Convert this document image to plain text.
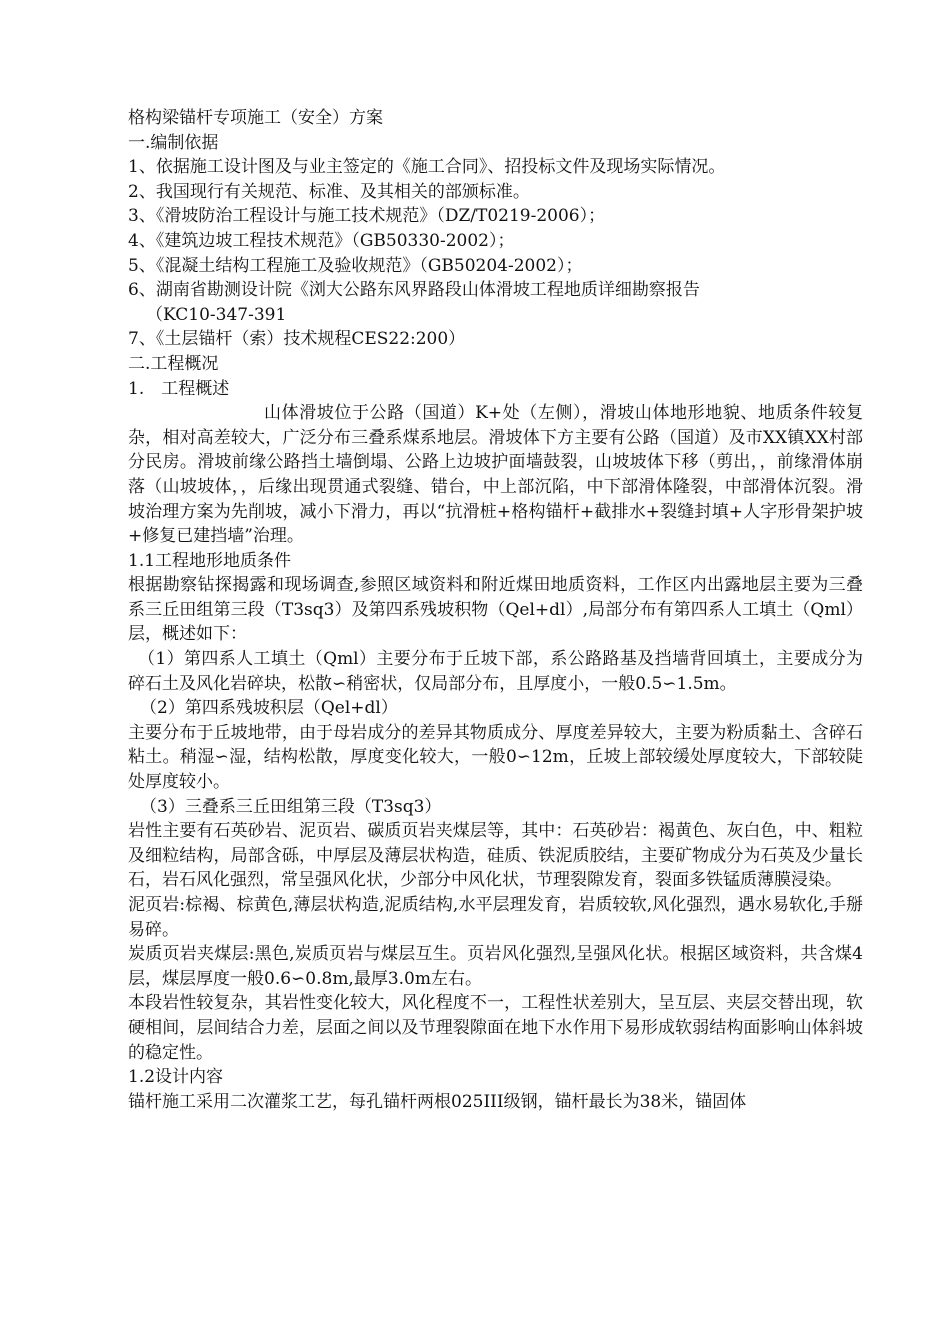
格构梁锚杆专项施工（安全）方案

一.编制依据

1、依据施工设计图及与业主签定的《施工合同》、招投标文件及现场实际情况。

2、我国现行有关规范、标准、及其相关的部颁标准。

3、《滑坡防治工程设计与施工技术规范》（DZ/T0219-2006）；

4、《建筑边坡工程技术规范》（GB50330-2002）；

5、《混凝土结构工程施工及验收规范》（GB50204-2002）；

6、湖南省勘测设计院《浏大公路东风界路段山体滑坡工程地质详细勘察报告

（KC10-347-391

7、《土层锚杆（索）技术规程CES22:200）

二.工程概况

1.　工程概述

山体滑坡位于公路（国道）K+处（左侧），滑坡山体地形地貌、地质条件较复杂，相对高差较大，广泛分布三叠系煤系地层。滑坡体下方主要有公路（国道）及市XX镇XX村部分民房。滑坡前缘公路挡土墙倒塌、公路上边坡护面墙鼓裂，山坡坡体下移（剪出，，前缘滑体崩落（山坡坡体，，后缘出现贯通式裂缝、错台，中上部沉陷，中下部滑体隆裂，中部滑体沉裂。滑坡治理方案为先削坡，减小下滑力，再以“抗滑桩+格构锚杆+截排水+裂缝封填+人字形骨架护坡+修复已建挡墙”治理。

1.1工程地形地质条件

根据勘察钻探揭露和现场调查,参照区域资料和附近煤田地质资料，工作区内出露地层主要为三叠系三丘田组第三段（T3sq3）及第四系残坡积物（Qel+dl）,局部分布有第四系人工填土（Qml）层，概述如下：

（1）第四系人工填土（Qml）主要分布于丘坡下部，系公路路基及挡墙背回填土，主要成分为碎石土及风化岩碎块，松散∽稍密状，仅局部分布，且厚度小，一般0.5∽1.5m。

（2）第四系残坡积层（Qel+dl）

主要分布于丘坡地带，由于母岩成分的差异其物质成分、厚度差异较大，主要为粉质黏土、含碎石粘土。稍湿∽湿，结构松散，厚度变化较大，一般0∽12m，丘坡上部较缓处厚度较大，下部较陡处厚度较小。

（3）三叠系三丘田组第三段（T3sq3）

岩性主要有石英砂岩、泥页岩、碳质页岩夹煤层等，其中：石英砂岩：褐黄色、灰白色，中、粗粒及细粒结构，局部含砾，中厚层及薄层状构造，硅质、铁泥质胶结，主要矿物成分为石英及少量长石，岩石风化强烈，常呈强风化状，少部分中风化状，节理裂隙发育，裂面多铁锰质薄膜浸染。

泥页岩:棕褐、棕黄色,薄层状构造,泥质结构,水平层理发育，岩质较软,风化强烈，遇水易软化,手掰易碎。

炭质页岩夹煤层:黑色,炭质页岩与煤层互生。页岩风化强烈,呈强风化状。根据区域资料，共含煤4层，煤层厚度一般0.6∽0.8m,最厚3.0m左右。

本段岩性较复杂，其岩性变化较大，风化程度不一，工程性状差别大，呈互层、夹层交替出现，软硬相间，层间结合力差，层面之间以及节理裂隙面在地下水作用下易形成软弱结构面影响山体斜坡的稳定性。

1.2设计内容

锚杆施工采用二次灌浆工艺，每孔锚杆两根025III级钢，锚杆最长为38米，锚固体
